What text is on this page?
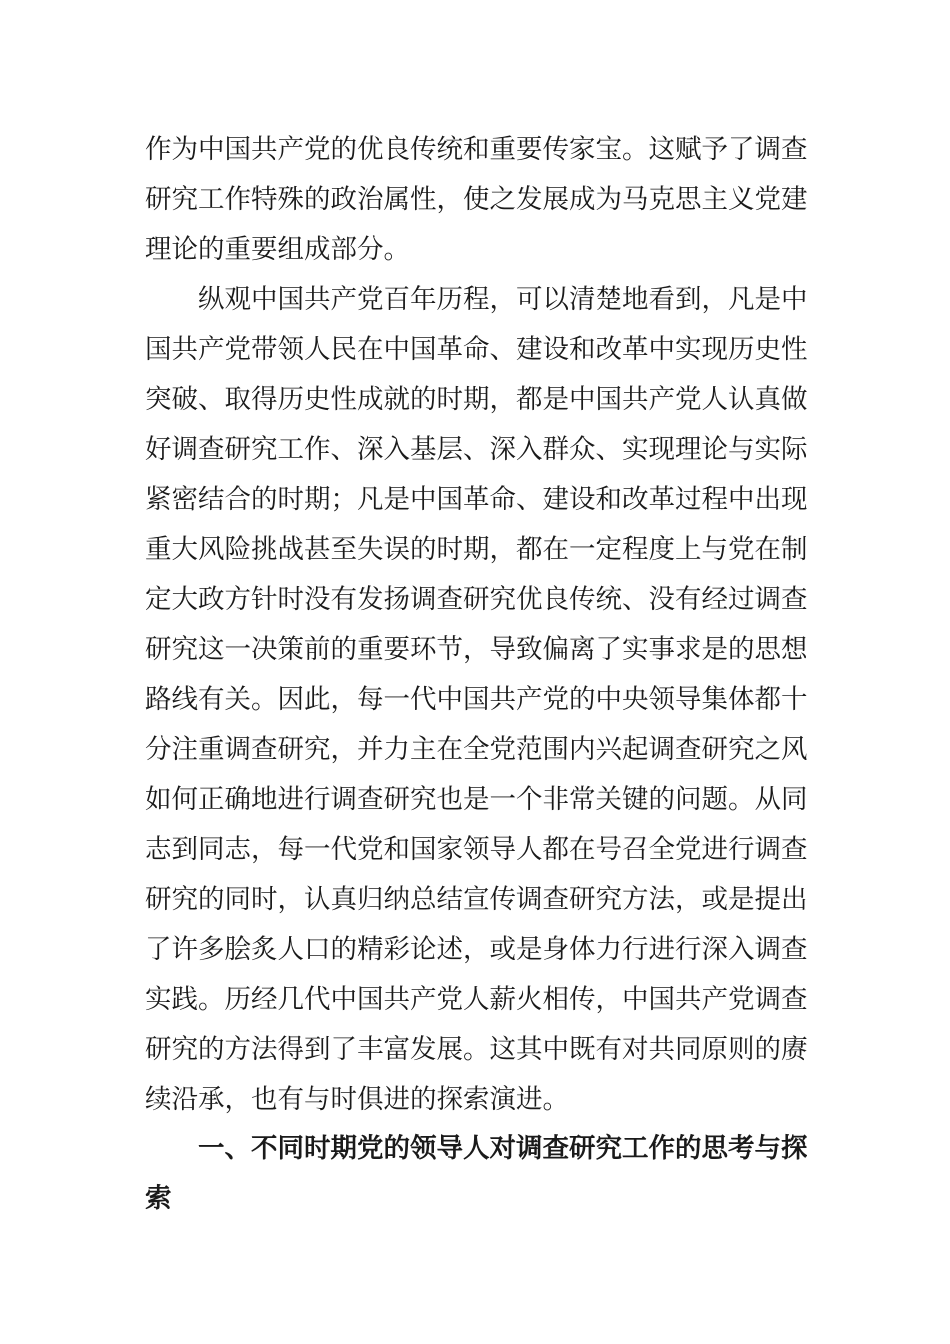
作为中国共产党的优良传统和重要传家宝。这赋予了调查
研究工作特殊的政治属性，使之发展成为马克思主义党建
理论的重要组成部分。
纵观中国共产党百年历程，可以清楚地看到，凡是中
国共产党带领人民在中国革命、建设和改革中实现历史性
突破、取得历史性成就的时期，都是中国共产党人认真做
好调查研究工作、深入基层、深入群众、实现理论与实际
紧密结合的时期；凡是中国革命、建设和改革过程中出现
重大风险挑战甚至失误的时期，都在一定程度上与党在制
定大政方针时没有发扬调查研究优良传统、没有经过调查
研究这一决策前的重要环节，导致偏离了实事求是的思想
路线有关。因此，每一代中国共产党的中央领导集体都十
分注重调查研究，并力主在全党范围内兴起调查研究之风
如何正确地进行调查研究也是一个非常关键的问题。从同
志到同志，每一代党和国家领导人都在号召全党进行调查
研究的同时，认真归纳总结宣传调查研究方法，或是提出
了许多脍炙人口的精彩论述，或是身体力行进行深入调查
实践。历经几代中国共产党人薪火相传，中国共产党调查
研究的方法得到了丰富发展。这其中既有对共同原则的赓
续沿承，也有与时俱进的探索演进。
一、不同时期党的领导人对调查研究工作的思考与探
索
